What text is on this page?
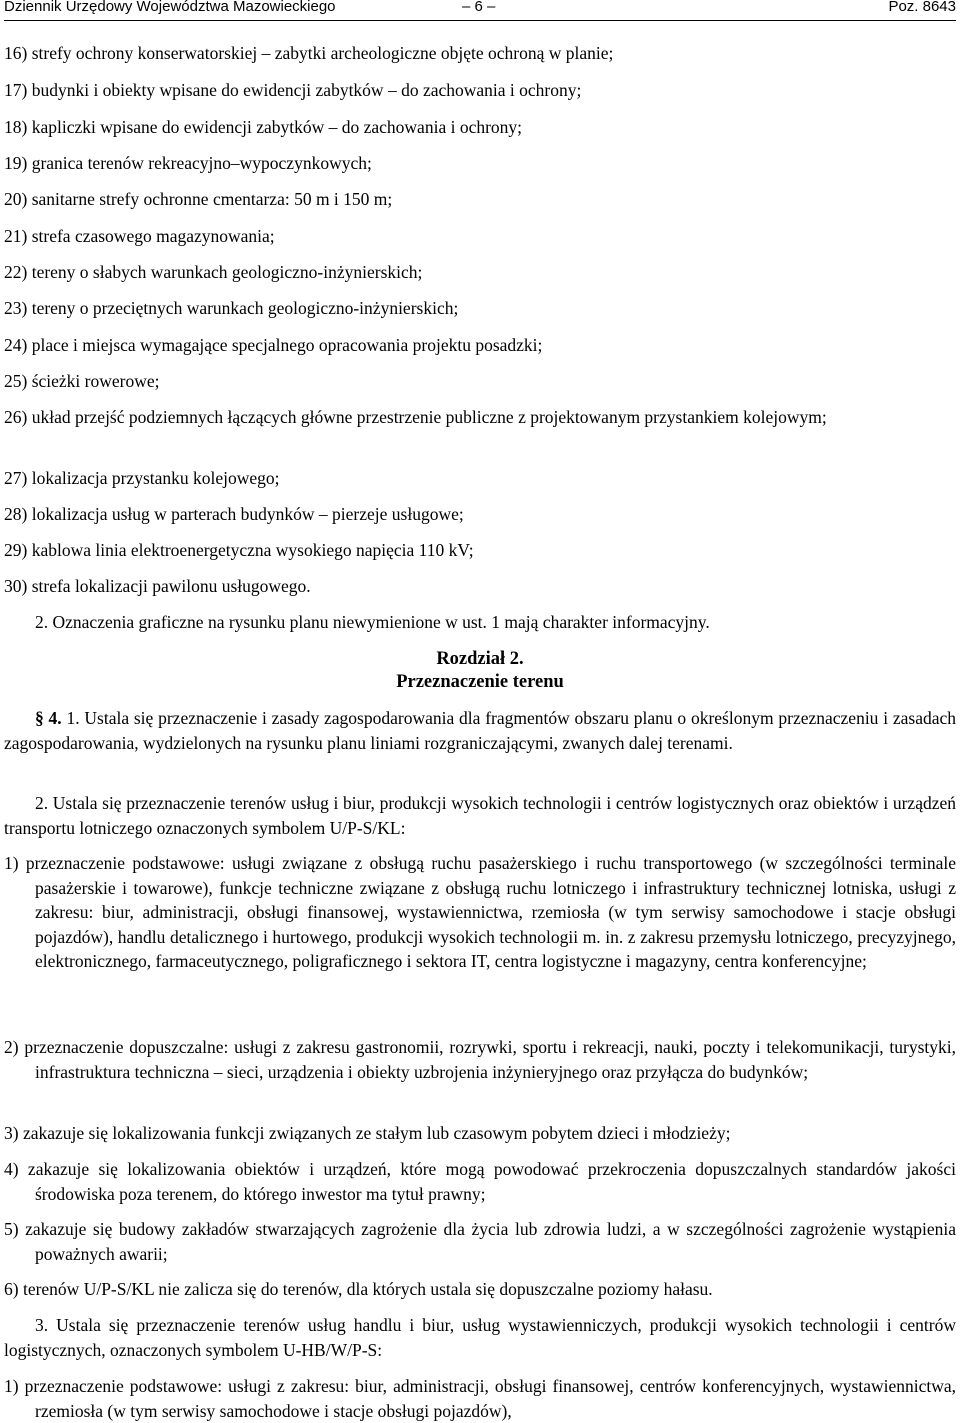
Dziennik Urzędowy Województwa Mazowieckiego	– 6 –	Poz. 8643
16) strefy ochrony konserwatorskiej – zabytki archeologiczne objęte ochroną w planie;
17) budynki i obiekty wpisane do ewidencji zabytków – do zachowania i ochrony;
18) kapliczki wpisane do ewidencji zabytków – do zachowania i ochrony;
19) granica terenów rekreacyjno–wypoczynkowych;
20) sanitarne strefy ochronne cmentarza: 50 m i 150 m;
21) strefa czasowego magazynowania;
22) tereny o słabych warunkach geologiczno-inżynierskich;
23) tereny o przeciętnych warunkach geologiczno-inżynierskich;
24) place i miejsca wymagające specjalnego opracowania projektu posadzki;
25) ścieżki rowerowe;
26) układ przejść podziemnych łączących główne przestrzenie publiczne z projektowanym przystankiem kolejowym;
27) lokalizacja przystanku kolejowego;
28) lokalizacja usług w parterach budynków – pierzeje usługowe;
29) kablowa linia elektroenergetyczna wysokiego napięcia 110 kV;
30) strefa lokalizacji pawilonu usługowego.
2. Oznaczenia graficzne na rysunku planu niewymienione w ust. 1 mają charakter informacyjny.
Rozdział 2.
Przeznaczenie terenu
§ 4. 1. Ustala się przeznaczenie i zasady zagospodarowania dla fragmentów obszaru planu o określonym przeznaczeniu i zasadach zagospodarowania, wydzielonych na rysunku planu liniami rozgraniczającymi, zwanych dalej terenami.
2. Ustala się przeznaczenie terenów usług i biur, produkcji wysokich technologii i centrów logistycznych oraz obiektów i urządzeń transportu lotniczego oznaczonych symbolem U/P-S/KL:
1) przeznaczenie podstawowe: usługi związane z obsługą ruchu pasażerskiego i ruchu transportowego (w szczególności terminale pasażerskie i towarowe), funkcje techniczne związane z obsługą ruchu lotniczego i infrastruktury technicznej lotniska, usługi z zakresu: biur, administracji, obsługi finansowej, wystawiennictwa, rzemiosła (w tym serwisy samochodowe i stacje obsługi pojazdów), handlu detalicznego i hurtowego, produkcji wysokich technologii m. in. z zakresu przemysłu lotniczego, precyzyjnego, elektronicznego, farmaceutycznego, poligraficznego i sektora IT, centra logistyczne i magazyny, centra konferencyjne;
2) przeznaczenie dopuszczalne: usługi z zakresu gastronomii, rozrywki, sportu i rekreacji, nauki, poczty i telekomunikacji, turystyki, infrastruktura techniczna – sieci, urządzenia i obiekty uzbrojenia inżynieryjnego oraz przyłącza do budynków;
3) zakazuje się lokalizowania funkcji związanych ze stałym lub czasowym pobytem dzieci i młodzieży;
4) zakazuje się lokalizowania obiektów i urządzeń, które mogą powodować przekroczenia dopuszczalnych standardów jakości środowiska poza terenem, do którego inwestor ma tytuł prawny;
5) zakazuje się budowy zakładów stwarzających zagrożenie dla życia lub zdrowia ludzi, a w szczególności zagrożenie wystąpienia poważnych awarii;
6) terenów U/P-S/KL nie zalicza się do terenów, dla których ustala się dopuszczalne poziomy hałasu.
3. Ustala się przeznaczenie terenów usług handlu i biur, usług wystawienniczych, produkcji wysokich technologii i centrów logistycznych, oznaczonych symbolem U-HB/W/P-S:
1) przeznaczenie podstawowe: usługi z zakresu: biur, administracji, obsługi finansowej, centrów konferencyjnych, wystawiennictwa, rzemiosła (w tym serwisy samochodowe i stacje obsługi pojazdów),
